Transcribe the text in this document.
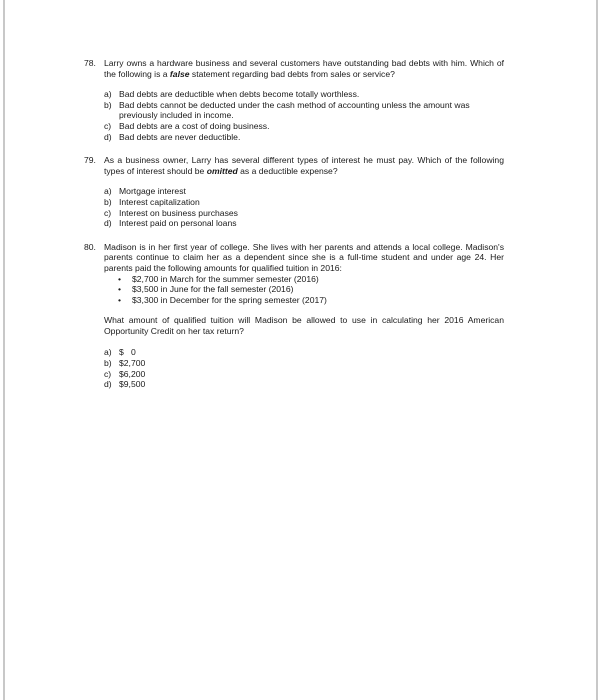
78. Larry owns a hardware business and several customers have outstanding bad debts with him. Which of the following is a false statement regarding bad debts from sales or service?
a) Bad debts are deductible when debts become totally worthless.
b) Bad debts cannot be deducted under the cash method of accounting unless the amount was previously included in income.
c) Bad debts are a cost of doing business.
d) Bad debts are never deductible.
79. As a business owner, Larry has several different types of interest he must pay. Which of the following types of interest should be omitted as a deductible expense?
a) Mortgage interest
b) Interest capitalization
c) Interest on business purchases
d) Interest paid on personal loans
80. Madison is in her first year of college. She lives with her parents and attends a local college. Madison's parents continue to claim her as a dependent since she is a full-time student and under age 24. Her parents paid the following amounts for qualified tuition in 2016:
•	$2,700 in March for the summer semester (2016)
•	$3,500 in June for the fall semester (2016)
•	$3,300 in December for the spring semester (2017)
What amount of qualified tuition will Madison be allowed to use in calculating her 2016 American Opportunity Credit on her tax return?
a) $   0
b) $2,700
c) $6,200
d) $9,500
